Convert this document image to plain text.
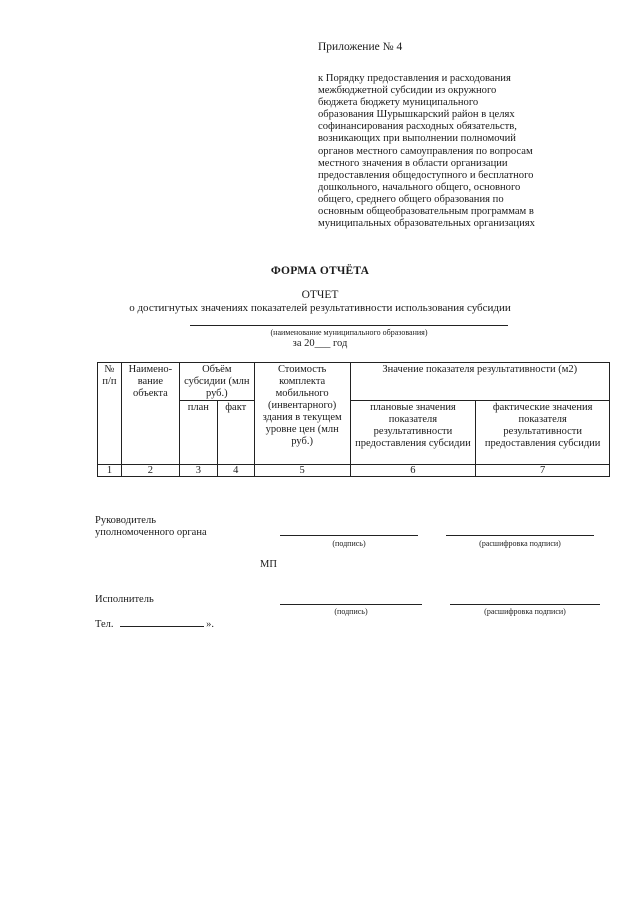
Приложение № 4
к Порядку предоставления и расходования
межбюджетной субсидии из окружного
бюджета бюджету муниципального
образования Шурышкарский район в целях
софинансирования расходных обязательств,
возникающих при выполнении полномочий
органов местного самоуправления по вопросам
местного значения в области организации
предоставления общедоступного и бесплатного
дошкольного, начального общего, основного
общего, среднего общего образования по
основным общеобразовательным программам в
муниципальных образовательных организациях
ФОРМА ОТЧЁТА
ОТЧЕТ
о достигнутых значениях показателей результативности использования субсидии
(наименование муниципального образования)
за 20___ год
№ п/п	Наимено-вание объекта	Объём субсидии (млн руб.)		Стоимость комплекта мобильного (инвентарного) здания в текущем уровне цен (млн руб.)	Значение показателя результативности (м2)	
		план	факт		плановые значения показателя результативности предоставления субсидии	фактические значения показателя результативности предоставления субсидии
1	2	3	4	5	6	7
Руководитель
уполномоченного органа
(подпись)	(расшифровка подписи)
МП
Исполнитель
(подпись)	(расшифровка подписи)
Тел.	».
